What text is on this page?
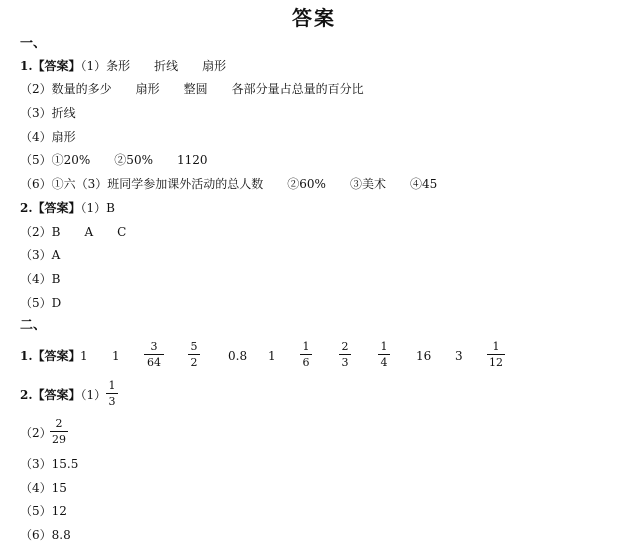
答案
一、
1.【答案】（1）条形　　折线　　扇形
（2）数量的多少　　扇形　　整圆　　各部分量占总量的百分比
（3）折线
（4）扇形
（5）①20%　　②50%　　1120
（6）①六（3）班同学参加课外活动的总人数　　②60%　　③美术　　④45
2.【答案】（1）B
（2）B　　A　　C
（3）A
（4）B
（5）D
二、
1.【答案】 1 1
3
64
5
2	0.8 1
1
6
2
3
1
4 16 3
1
12
2.【答案】（1）
1
3
（2）
2
29
（3）15.5
（4）15
（5）12
（6）8.8
